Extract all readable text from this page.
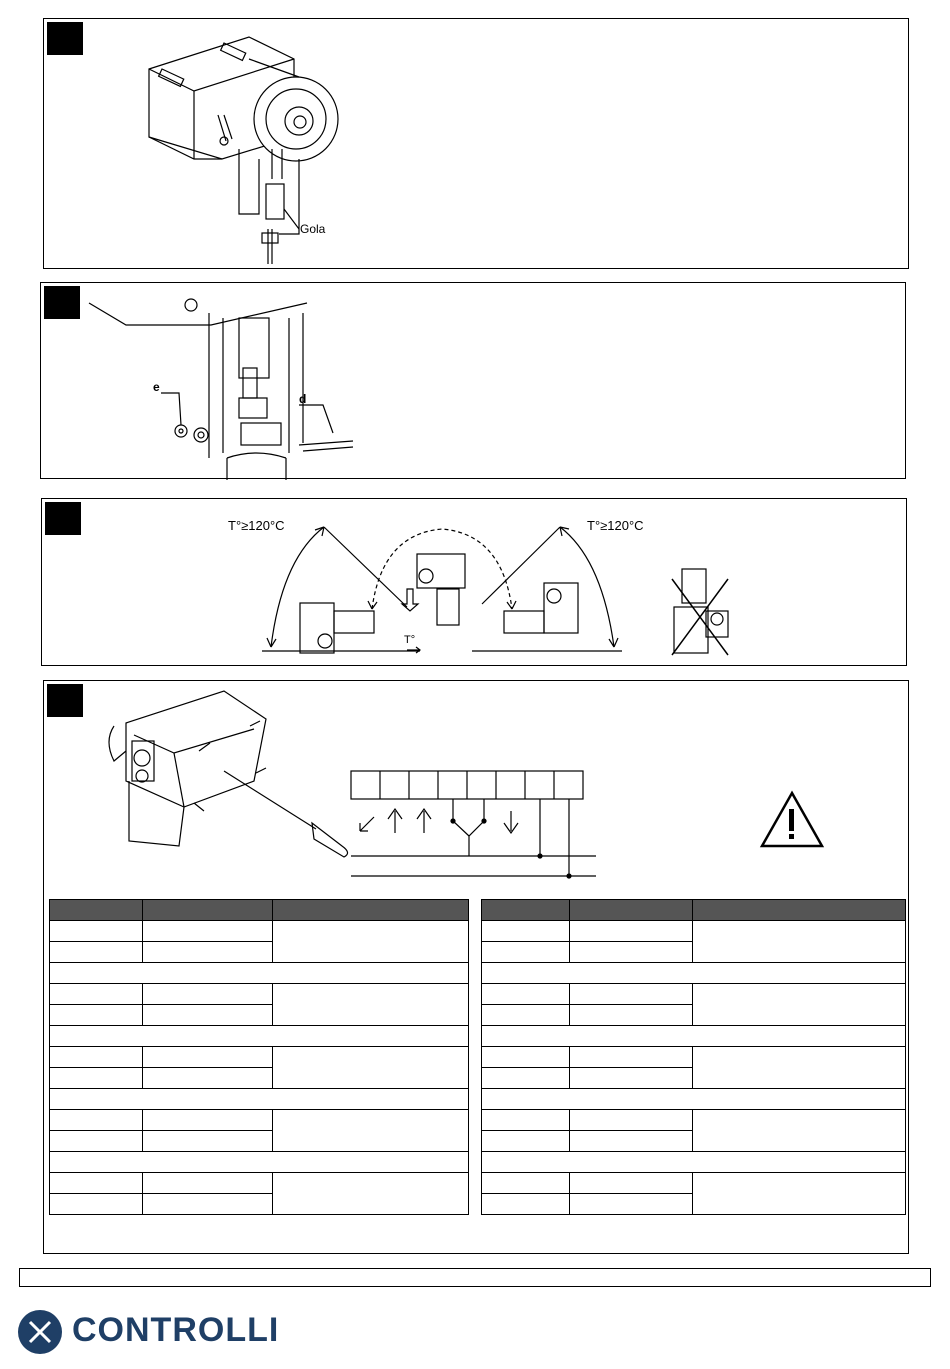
Gola
e
d
T°≥120°C	T°≥120°C
T°

CONTROLLI
